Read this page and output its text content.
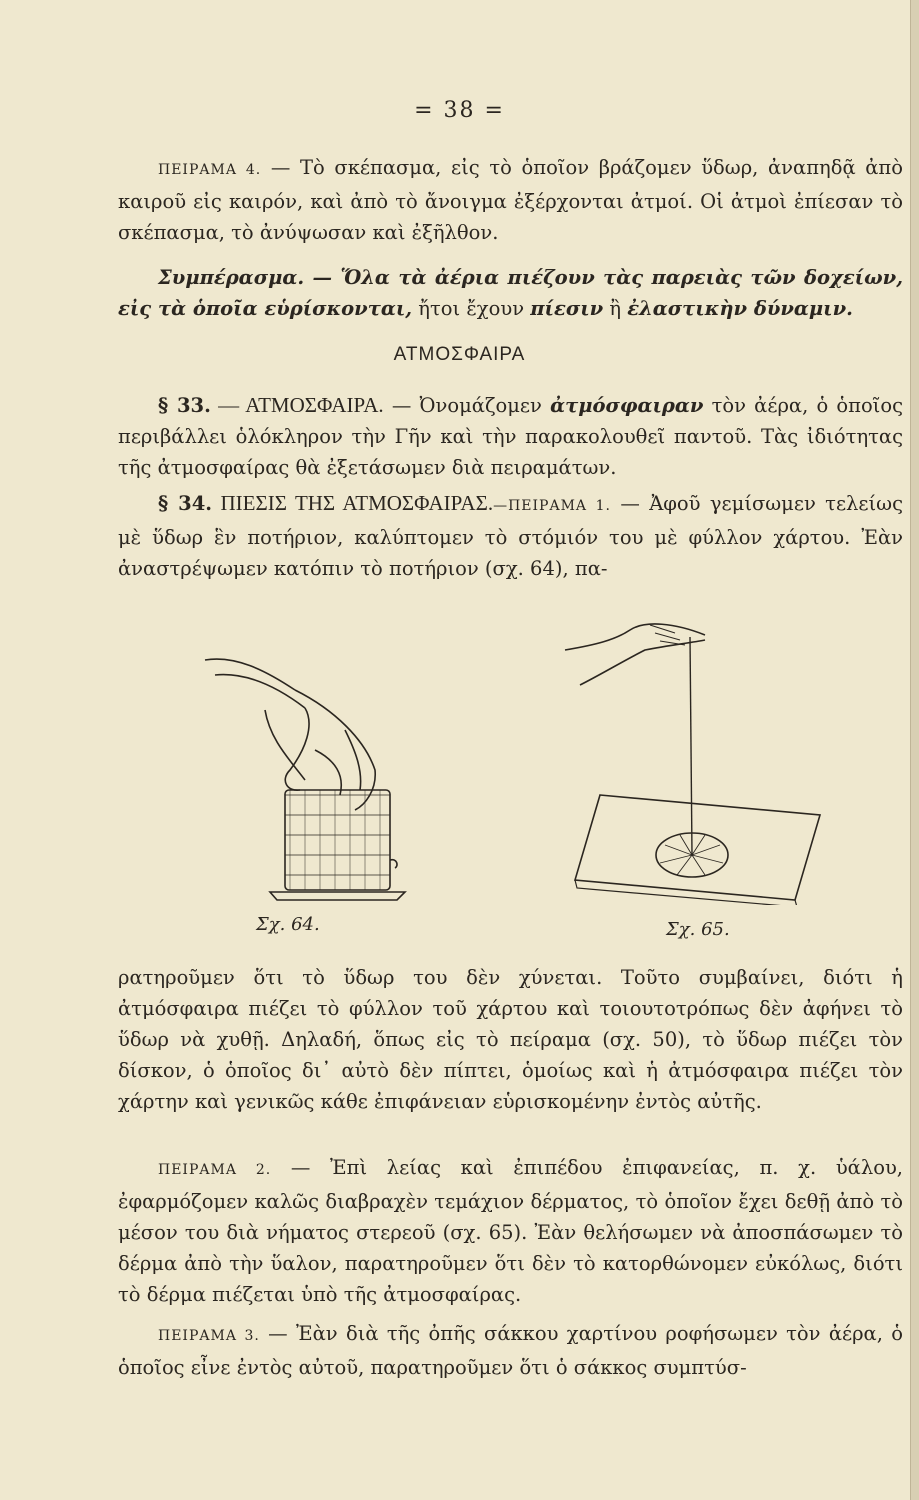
= 38 =
ΠΕΙΡΑΜΑ 4. — Τὸ σκέπασμα, εἰς τὸ ὁποῖον βράζομεν ὕδωρ, ἀναπηδᾷ ἀπὸ καιροῦ εἰς καιρόν, καὶ ἀπὸ τὸ ἄνοιγμα ἐξέρχονται ἀτμοί. Οἱ ἀτμοὶ ἐπίεσαν τὸ σκέπασμα, τὸ ἀνύψωσαν καὶ ἐξῆλθον.
Συμπέρασμα. — Ὅλα τὰ ἀέρια πιέζουν τὰς παρειὰς τῶν δοχείων, εἰς τὰ ὁποῖα εὑρίσκονται, ἤτοι ἔχουν πίεσιν ἢ ἐλαστικὴν δύναμιν.
ΑΤΜΟΣΦΑΙΡΑ
§ 33. — ΑΤΜΟΣΦΑΙΡΑ. — Ὀνομάζομεν ἀτμόσφαιραν τὸν ἀέρα, ὁ ὁποῖος περιβάλλει ὁλόκληρον τὴν Γῆν καὶ τὴν παρακολουθεῖ παντοῦ. Τὰς ἰδιότητας τῆς ἀτμοσφαίρας θὰ ἐξετάσωμεν διὰ πειραμάτων.
§ 34. ΠΙΕΣΙΣ ΤΗΣ ΑΤΜΟΣΦΑΙΡΑΣ.—ΠΕΙΡΑΜΑ 1. — Ἀφοῦ γεμίσωμεν τελείως μὲ ὕδωρ ἓν ποτήριον, καλύπτομεν τὸ στόμιόν του μὲ φύλλον χάρτου. Ἐὰν ἀναστρέψωμεν κατόπιν τὸ ποτήριον (σχ. 64), πα-
Σχ. 64.	Σχ. 65.
ρατηροῦμεν ὅτι τὸ ὕδωρ του δὲν χύνεται. Τοῦτο συμβαίνει, διότι ἡ ἀτμόσφαιρα πιέζει τὸ φύλλον τοῦ χάρτου καὶ τοιουτοτρόπως δὲν ἀφήνει τὸ ὕδωρ νὰ χυθῇ. Δηλαδή, ὅπως εἰς τὸ πείραμα (σχ. 50), τὸ ὕδωρ πιέζει τὸν δίσκον, ὁ ὁποῖος δι᾿ αὐτὸ δὲν πίπτει, ὁμοίως καὶ ἡ ἀτμόσφαιρα πιέζει τὸν χάρτην καὶ γενικῶς κάθε ἐπιφάνειαν εὑρισκομένην ἐντὸς αὐτῆς.
ΠΕΙΡΑΜΑ 2. — Ἐπὶ λείας καὶ ἐπιπέδου ἐπιφανείας, π. χ. ὑάλου, ἐφαρμόζομεν καλῶς διαβραχὲν τεμάχιον δέρματος, τὸ ὁποῖον ἔχει δεθῇ ἀπὸ τὸ μέσον του διὰ νήματος στερεοῦ (σχ. 65). Ἐὰν θελήσωμεν νὰ ἀποσπάσωμεν τὸ δέρμα ἀπὸ τὴν ὕαλον, παρατηροῦμεν ὅτι δὲν τὸ κατορθώνομεν εὐκόλως, διότι τὸ δέρμα πιέζεται ὑπὸ τῆς ἀτμοσφαίρας.
ΠΕΙΡΑΜΑ 3. — Ἐὰν διὰ τῆς ὀπῆς σάκκου χαρτίνου ροφήσωμεν τὸν ἀέρα, ὁ ὁποῖος εἶνε ἐντὸς αὐτοῦ, παρατηροῦμεν ὅτι ὁ σάκκος συμπτύσ-
